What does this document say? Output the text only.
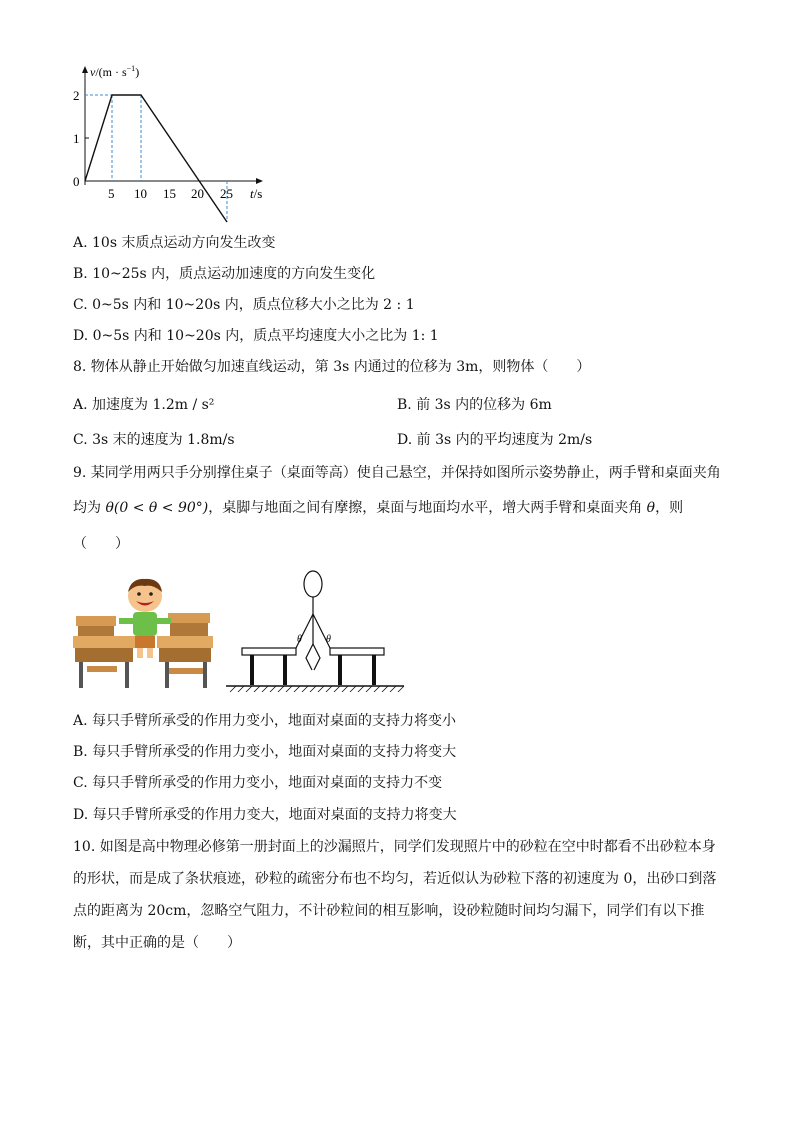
$v/(m \cdot s^{-1})$
2
1
0
5 10 15 20 25 t/s
A. 10s 末质点运动方向发生改变
B. 10~25s 内，质点运动加速度的方向发生变化
C. 0~5s 内和 10~20s 内，质点位移大小之比为 2 : 1
D. 0~5s 内和 10~20s 内，质点平均速度大小之比为 1: 1
8. 物体从静止开始做匀加速直线运动，第 3s 内通过的位移为 3m，则物体（　　）
A. 加速度为 1.2m / s²	B. 前 3s 内的位移为 6m
C. 3s 末的速度为 1.8m/s	D. 前 3s 内的平均速度为 2m/s
9. 某同学用两只手分别撑住桌子（桌面等高）使自己悬空，并保持如图所示姿势静止，两手臂和桌面夹角
均为 θ(0 < θ < 90°)，桌脚与地面之间有摩擦，桌面与地面均水平，增大两手臂和桌面夹角 θ，则
（　　）
θ θ
A. 每只手臂所承受的作用力变小，地面对桌面的支持力将变小
B. 每只手臂所承受的作用力变小，地面对桌面的支持力将变大
C. 每只手臂所承受的作用力变小，地面对桌面的支持力不变
D. 每只手臂所承受的作用力变大，地面对桌面的支持力将变大
10. 如图是高中物理必修第一册封面上的沙漏照片，同学们发现照片中的砂粒在空中时都看不出砂粒本身
的形状，而是成了条状痕迹，砂粒的疏密分布也不均匀，若近似认为砂粒下落的初速度为 0，出砂口到落
点的距离为 20cm，忽略空气阻力，不计砂粒间的相互影响，设砂粒随时间均匀漏下，同学们有以下推
断，其中正确的是（　　）
